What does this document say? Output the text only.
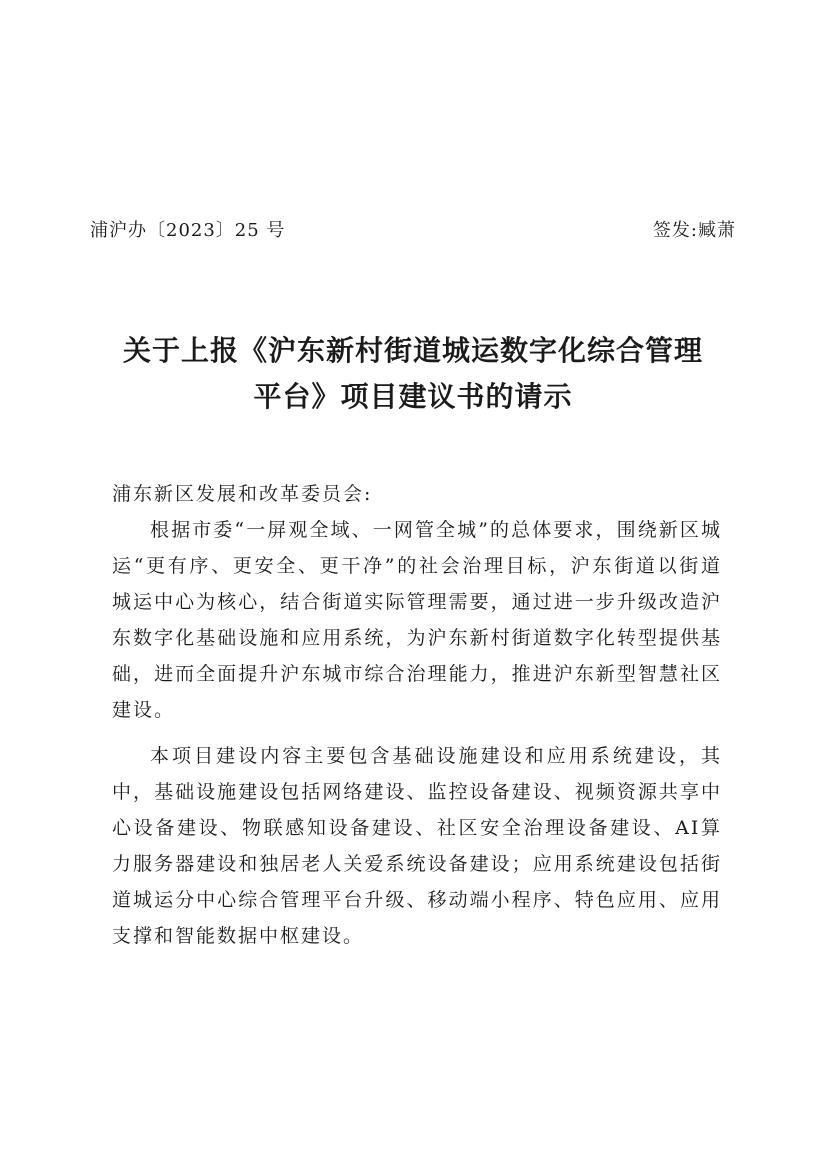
浦沪办〔2023〕25 号	签发:臧萧
关于上报《沪东新村街道城运数字化综合管理
平台》项目建议书的请示

浦东新区发展和改革委员会:

根据市委“一屏观全域、一网管全城”的总体要求，围绕新区城运“更有序、更安全、更干净”的社会治理目标，沪东街道以街道城运中心为核心，结合街道实际管理需要，通过进一步升级改造沪东数字化基础设施和应用系统，为沪东新村街道数字化转型提供基础，进而全面提升沪东城市综合治理能力，推进沪东新型智慧社区建设。

本项目建设内容主要包含基础设施建设和应用系统建设，其中，基础设施建设包括网络建设、监控设备建设、视频资源共享中心设备建设、物联感知设备建设、社区安全治理设备建设、AI算力服务器建设和独居老人关爱系统设备建设；应用系统建设包括街道城运分中心综合管理平台升级、移动端小程序、特色应用、应用支撑和智能数据中枢建设。
